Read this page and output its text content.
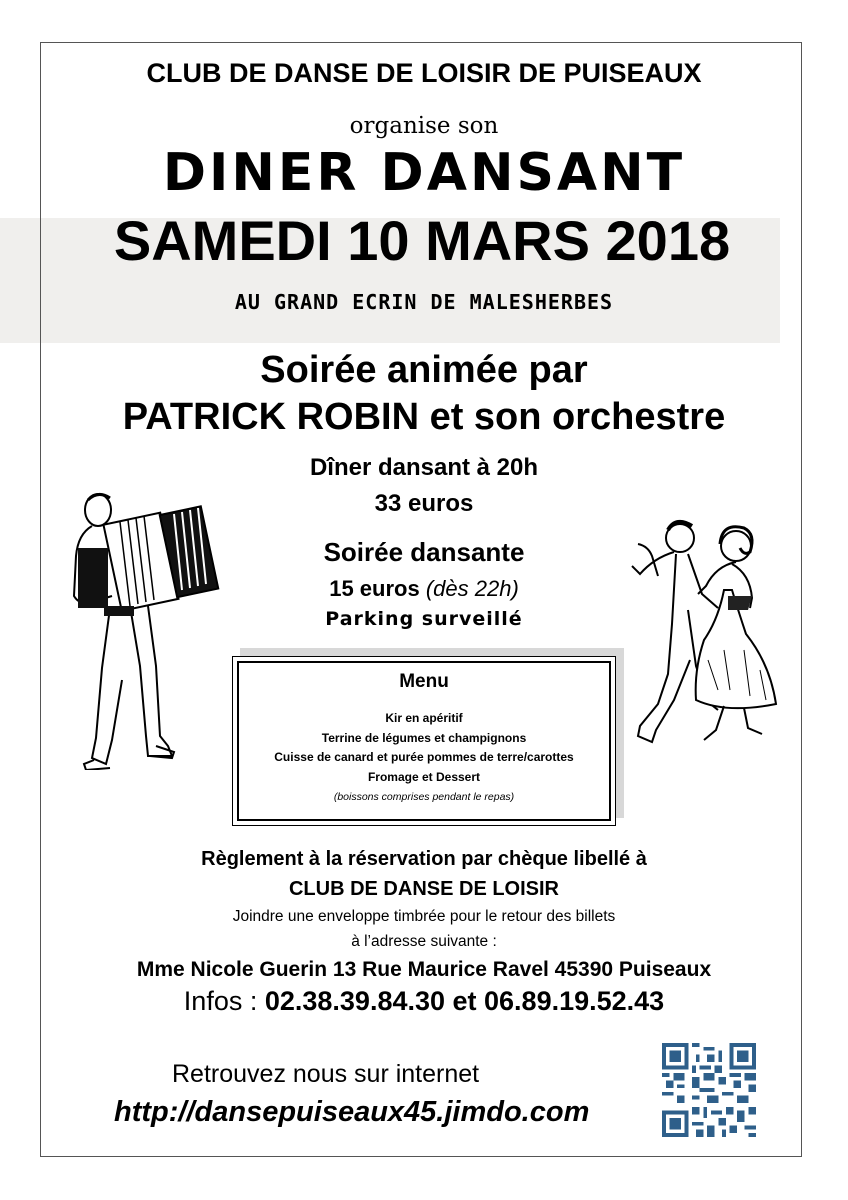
CLUB DE DANSE DE LOISIR DE PUISEAUX
organise son
DINER DANSANT
SAMEDI 10 MARS 2018
AU GRAND ECRIN DE MALESHERBES
Soirée animée par
PATRICK ROBIN et son orchestre
Dîner dansant à 20h
33 euros
Soirée dansante
15 euros (dès 22h)
Parking surveillé
Menu
Kir en apéritif
Terrine de légumes et champignons
Cuisse de canard et purée pommes de terre/carottes
Fromage et Dessert
(boissons comprises pendant le repas)
Règlement à la réservation par chèque libellé à
CLUB DE DANSE DE LOISIR
Joindre une enveloppe timbrée pour le retour des billets
à l’adresse suivante :
Mme Nicole Guerin 13 Rue Maurice Ravel 45390 Puiseaux
Infos : 02.38.39.84.30 et 06.89.19.52.43
Retrouvez nous sur internet
http://dansepuiseaux45.jimdo.com
